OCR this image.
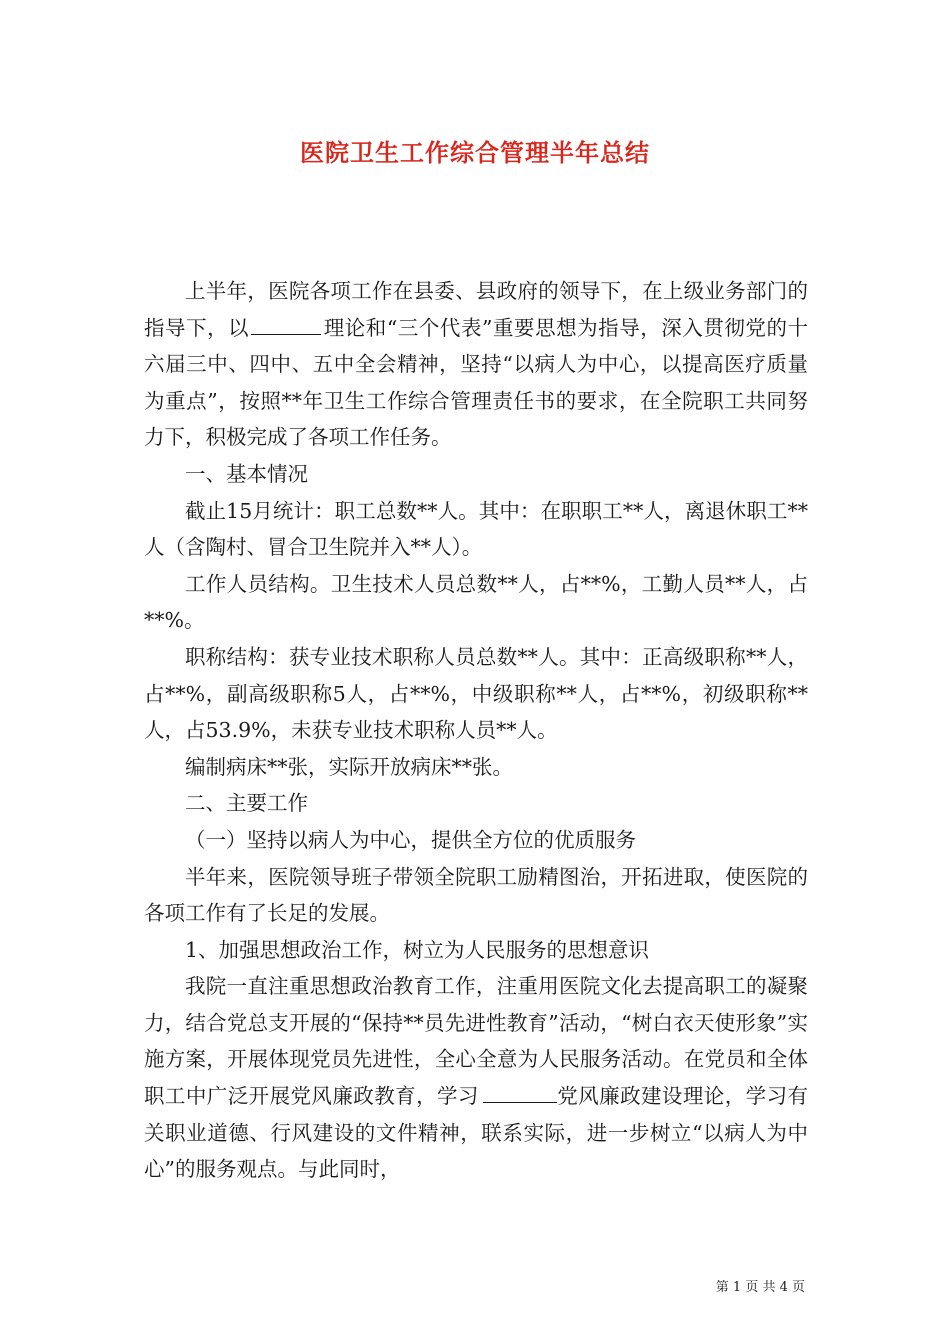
医院卫生工作综合管理半年总结

上半年，医院各项工作在县委、县政府的领导下，在上级业务部门的指导下，以	理论和“三个代表”重要思想为指导，深入贯彻党的十六届三中、四中、五中全会精神，坚持“以病人为中心，以提高医疗质量为重点”，按照**年卫生工作综合管理责任书的要求，在全院职工共同努力下，积极完成了各项工作任务。

一、基本情况

截止15月统计：职工总数**人。其中：在职职工**人，离退休职工**人（含陶村、冒合卫生院并入**人）。

工作人员结构。卫生技术人员总数**人，占**%，工勤人员**人，占**%。

职称结构：获专业技术职称人员总数**人。其中：正高级职称**人，占**%，副高级职称5人，占**%，中级职称**人，占**%，初级职称**人，占53.9%，未获专业技术职称人员**人。

编制病床**张，实际开放病床**张。

二、主要工作

（一）坚持以病人为中心，提供全方位的优质服务

半年来，医院领导班子带领全院职工励精图治，开拓进取，使医院的各项工作有了长足的发展。

1、加强思想政治工作，树立为人民服务的思想意识

我院一直注重思想政治教育工作，注重用医院文化去提高职工的凝聚力，结合党总支开展的“保持**员先进性教育”活动，“树白衣天使形象”实施方案，开展体现党员先进性，全心全意为人民服务活动。在党员和全体职工中广泛开展党风廉政教育，学习	党风廉政建设理论，学习有关职业道德、行风建设的文件精神，联系实际，进一步树立“以病人为中心”的服务观点。与此同时，

第 1 页 共 4 页
